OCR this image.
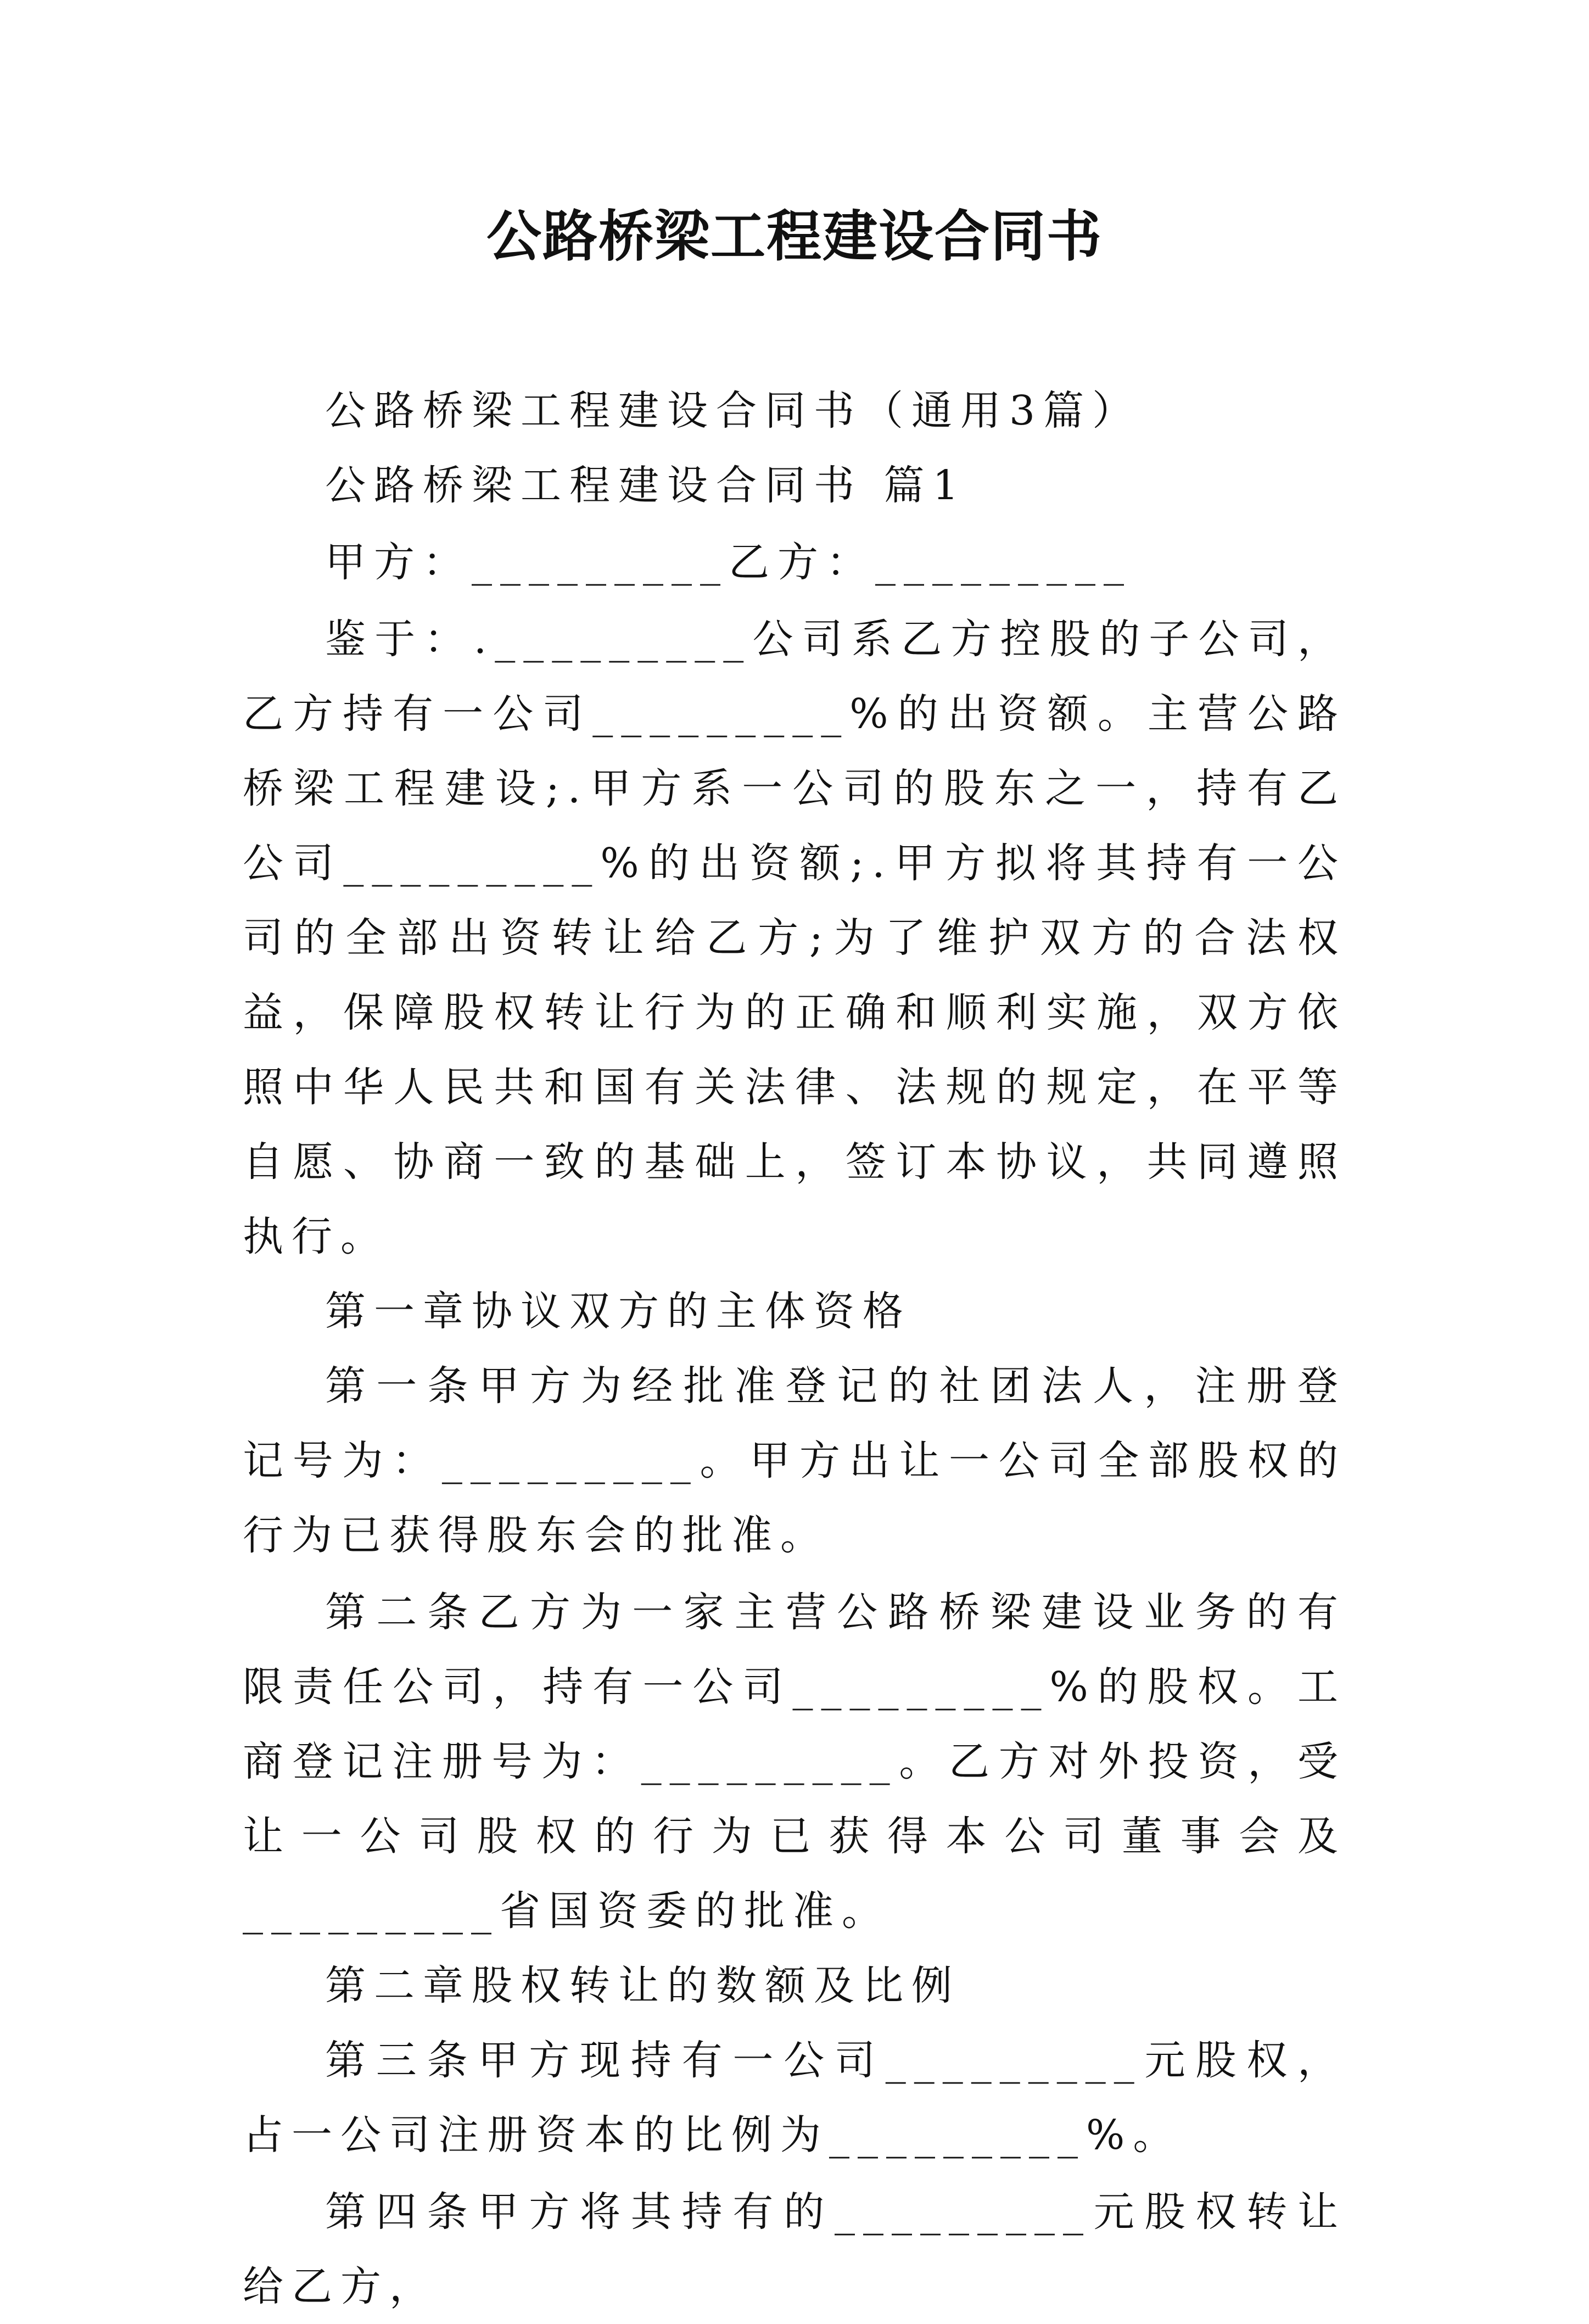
公路桥梁工程建设合同书

公路桥梁工程建设合同书（通用3篇）

公路桥梁工程建设合同书 篇1

甲方：_________乙方：_________

鉴于：._________公司系乙方控股的子公司，乙方持有一公司_________%的出资额。主营公路桥梁工程建设;.甲方系一公司的股东之一，持有乙公司_________%的出资额;.甲方拟将其持有一公司的全部出资转让给乙方;为了维护双方的合法权益，保障股权转让行为的正确和顺利实施，双方依照中华人民共和国有关法律、法规的规定，在平等自愿、协商一致的基础上，签订本协议，共同遵照执行。

第一章协议双方的主体资格

第一条甲方为经批准登记的社团法人，注册登记号为：_________。甲方出让一公司全部股权的行为已获得股东会的批准。

第二条乙方为一家主营公路桥梁建设业务的有限责任公司，持有一公司_________%的股权。工商登记注册号为：_________。乙方对外投资，受让一公司股权的行为已获得本公司董事会及_________省国资委的批准。

第二章股权转让的数额及比例

第三条甲方现持有一公司_________元股权，占一公司注册资本的比例为_________%。

第四条甲方将其持有的_________元股权转让给乙方，
